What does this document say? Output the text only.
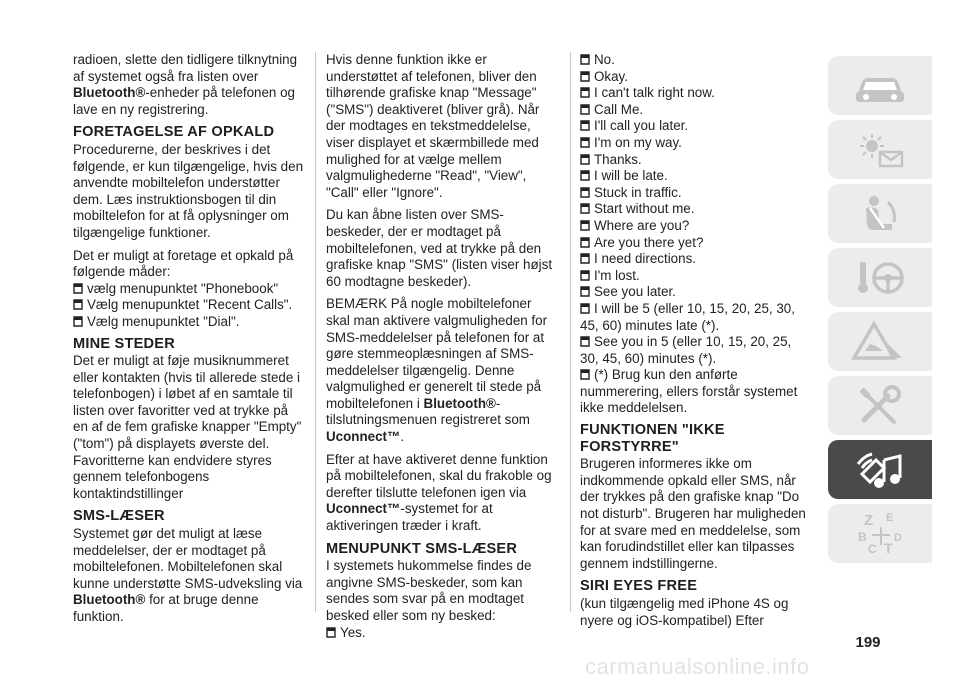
radioen, slette den tidligere tilknytning af systemet også fra listen over Bluetooth®-enheder på telefonen og lave en ny registrering.
FORETAGELSE AF OPKALD
Procedurerne, der beskrives i det følgende, er kun tilgængelige, hvis den anvendte mobiltelefon understøtter dem. Læs instruktionsbogen til din mobiltelefon for at få oplysninger om tilgængelige funktioner.
Det er muligt at foretage et opkald på følgende måder:
vælg menupunktet "Phonebook"
Vælg menupunktet "Recent Calls".
Vælg menupunktet "Dial".
MINE STEDER
Det er muligt at føje musiknummeret eller kontakten (hvis til allerede stede i telefonbogen) i løbet af en samtale til listen over favoritter ved at trykke på en af de fem grafiske knapper "Empty" ("tom") på displayets øverste del. Favoritterne kan endvidere styres gennem telefonbogens kontaktindstillinger
SMS-LÆSER
Systemet gør det muligt at læse meddelelser, der er modtaget på mobiltelefonen. Mobiltelefonen skal kunne understøtte SMS-udveksling via Bluetooth® for at bruge denne funktion.
Hvis denne funktion ikke er understøttet af telefonen, bliver den tilhørende grafiske knap "Message" ("SMS") deaktiveret (bliver grå). Når der modtages en tekstmeddelelse, viser displayet et skærmbillede med mulighed for at vælge mellem valgmulighederne "Read", "View", "Call" eller "Ignore".
Du kan åbne listen over SMS-beskeder, der er modtaget på mobiltelefonen, ved at trykke på den grafiske knap "SMS" (listen viser højst 60 modtagne beskeder).
BEMÆRK På nogle mobiltelefoner skal man aktivere valgmuligheden for SMS-meddelelser på telefonen for at gøre stemmeoplæsningen af SMS-meddelelser tilgængelig. Denne valgmulighed er generelt til stede på mobiltelefonen i Bluetooth®-tilslutningsmenuen registreret som Uconnect™.
Efter at have aktiveret denne funktion på mobiltelefonen, skal du frakoble og derefter tilslutte telefonen igen via Uconnect™-systemet for at aktiveringen træder i kraft.
MENUPUNKT SMS-LÆSER
I systemets hukommelse findes de angivne SMS-beskeder, som kan sendes som svar på en modtaget besked eller som ny besked:
Yes.
No.
Okay.
I can't talk right now.
Call Me.
I'll call you later.
I'm on my way.
Thanks.
I will be late.
Stuck in traffic.
Start without me.
Where are you?
Are you there yet?
I need directions.
I'm lost.
See you later.
I will be 5 (eller 10, 15, 20, 25, 30, 45, 60) minutes late (*).
See you in 5 (eller 10, 15, 20, 25, 30, 45, 60) minutes (*).
(*) Brug kun den anførte nummerering, ellers forstår systemet ikke meddelelsen.
FUNKTIONEN "IKKE FORSTYRRE"
Brugeren informeres ikke om indkommende opkald eller SMS, når der trykkes på den grafiske knap "Do not disturb". Brugeren har muligheden for at svare med en meddelelse, som kan forudindstillet eller kan tilpasses gennem indstillingerne.
SIRI EYES FREE
(kun tilgængelig med iPhone 4S og nyere og iOS-kompatibel) Efter
Z E
B
C T
D
199
carmanualsonline.info
